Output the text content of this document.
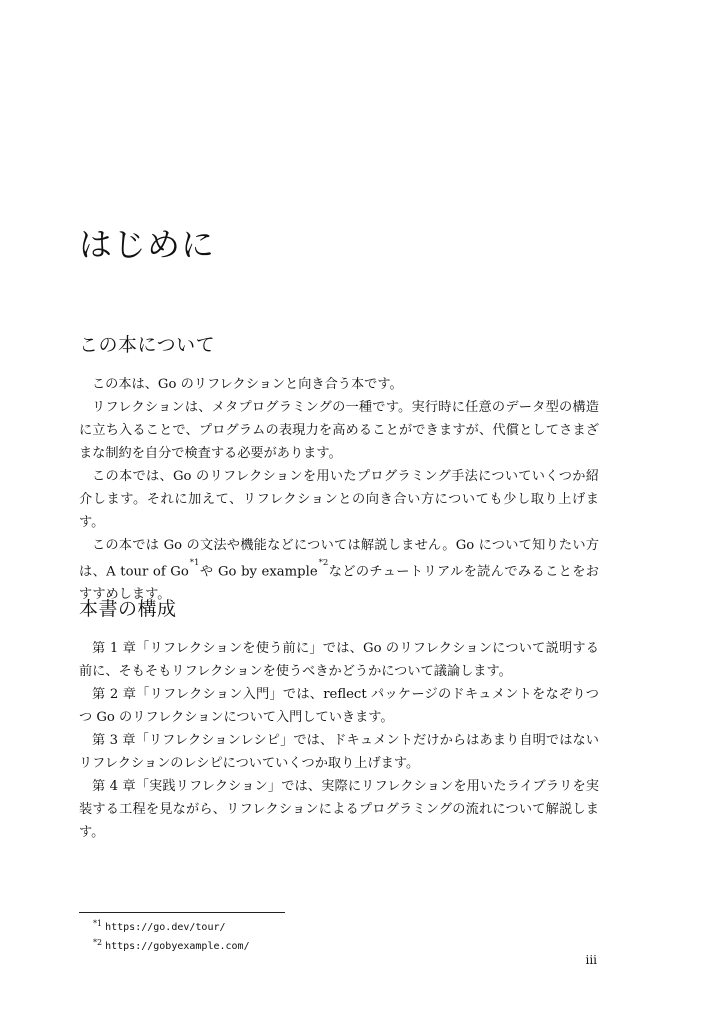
はじめに
この本について

この本は、Go のリフレクションと向き合う本です。

リフレクションは、メタプログラミングの一種です。実行時に任意のデータ型の構造に立ち入ることで、プログラムの表現力を高めることができますが、代償としてさまざまな制約を自分で検査する必要があります。

この本では、Go のリフレクションを用いたプログラミング手法についていくつか紹介します。それに加えて、リフレクションとの向き合い方についても少し取り上げます。

この本では Go の文法や機能などについては解説しません。Go について知りたい方は、A tour of Go$^{*1}$や Go by example$^{*2}$などのチュートリアルを読んでみることをおすすめします。

本書の構成

第 1 章「リフレクションを使う前に」では、Go のリフレクションについて説明する前に、そもそもリフレクションを使うべきかどうかについて議論します。

第 2 章「リフレクション入門」では、reflect パッケージのドキュメントをなぞりつつ Go のリフレクションについて入門していきます。

第 3 章「リフレクションレシピ」では、ドキュメントだけからはあまり自明ではないリフレクションのレシピについていくつか取り上げます。

第 4 章「実践リフレクション」では、実際にリフレクションを用いたライブラリを実装する工程を見ながら、リフレクションによるプログラミングの流れについて解説します。

$^{*1}$ https://go.dev/tour/
$^{*2}$ https://gobyexample.com/
iii
